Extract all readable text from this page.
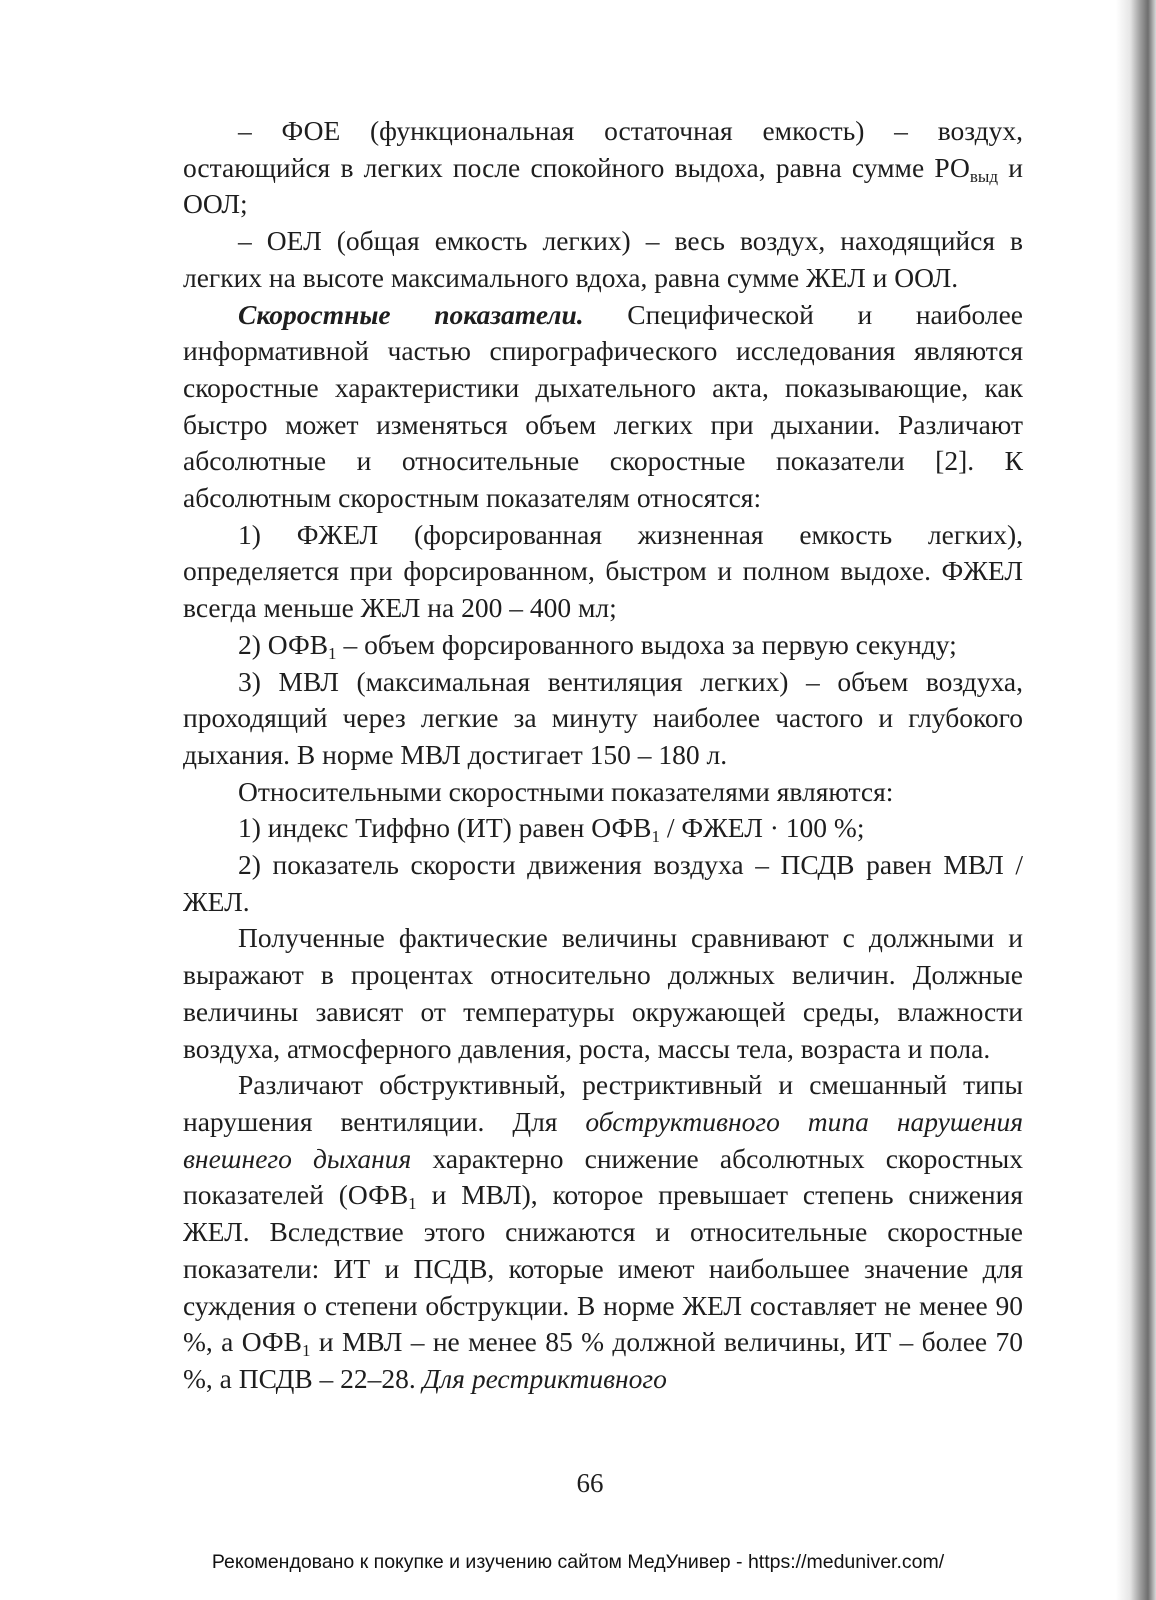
– ФОЕ (функциональная остаточная емкость) – воздух, остающийся в легких после спокойного выдоха, равна сумме $РО_{выд}$ и ООЛ;

– ОЕЛ (общая емкость легких) – весь воздух, находящийся в легких на высоте максимального вдоха, равна сумме ЖЕЛ и ООЛ.

Скоростные показатели. Специфической и наиболее информативной частью спирографического исследования являются скоростные характеристики дыхательного акта, показывающие, как быстро может изменяться объем легких при дыхании. Различают абсолютные и относительные скоростные показатели [2]. К абсолютным скоростным показателям относятся:

1) ФЖЕЛ (форсированная жизненная емкость легких), определяется при форсированном, быстром и полном выдохе. ФЖЕЛ всегда меньше ЖЕЛ на 200 – 400 мл;

2) $ОФВ_1$ – объем форсированного выдоха за первую секунду;

3) МВЛ (максимальная вентиляция легких) – объем воздуха, проходящий через легкие за минуту наиболее частого и глубокого дыхания. В норме МВЛ достигает 150 – 180 л.

Относительными скоростными показателями являются:

1) индекс Тиффно (ИТ) равен $ОФВ_1$ / ФЖЕЛ · 100 %;

2) показатель скорости движения воздуха – ПСДВ равен МВЛ / ЖЕЛ.

Полученные фактические величины сравнивают с должными и выражают в процентах относительно должных величин. Должные величины зависят от температуры окружающей среды, влажности воздуха, атмосферного давления, роста, массы тела, возраста и пола.

Различают обструктивный, рестриктивный и смешанный типы нарушения вентиляции. Для обструктивного типа нарушения внешнего дыхания характерно снижение абсолютных скоростных показателей ($ОФВ_1$ и МВЛ), которое превышает степень снижения ЖЕЛ. Вследствие этого снижаются и относительные скоростные показатели: ИТ и ПСДВ, которые имеют наибольшее значение для суждения о степени обструкции. В норме ЖЕЛ составляет не менее 90 %, а $ОФВ_1$ и МВЛ – не менее 85 % должной величины, ИТ – более 70 %, а ПСДВ – 22–28. Для рестриктивного

66
Рекомендовано к покупке и изучению сайтом МедУнивер - https://meduniver.com/
